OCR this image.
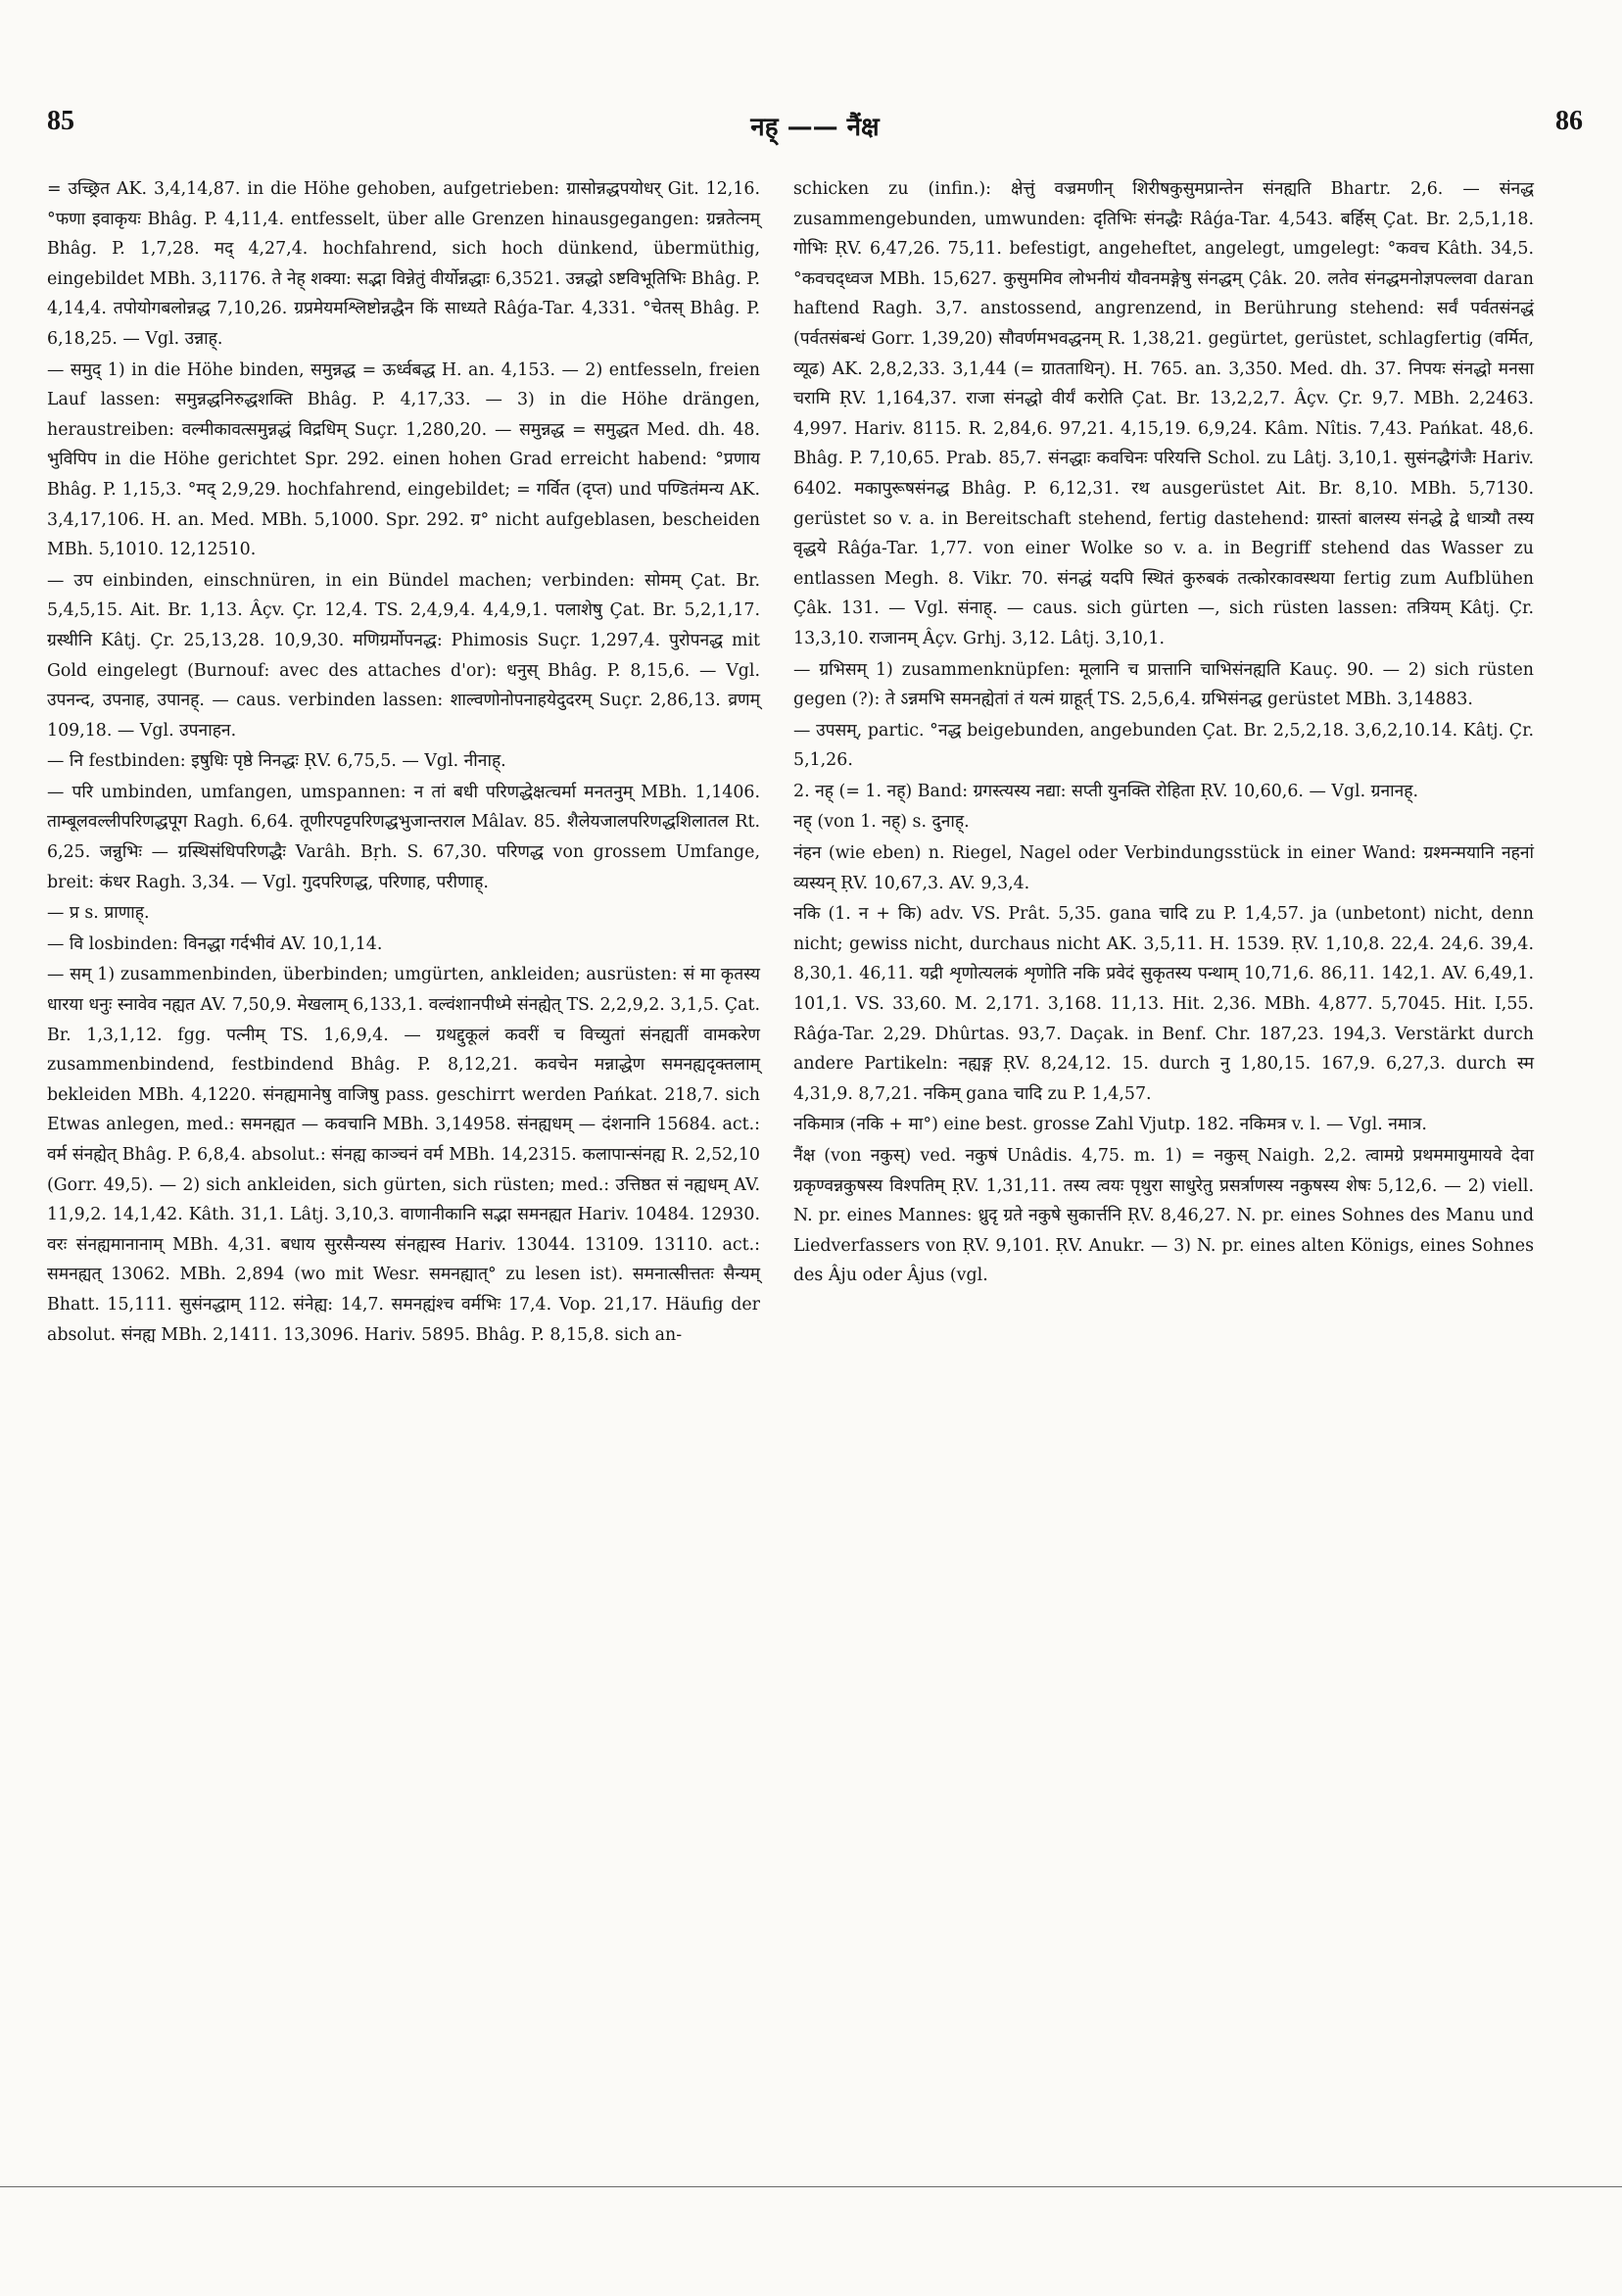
85	नह् —— नैंक्ष	86

= उच्छ्रित AK. 3,4,14,87. in die Höhe gehoben, aufgetrieben: ग्रासोन्नद्धपयोधर् Git. 12,16. °फणा इवाकृयः Bhâg. P. 4,11,4. entfesselt, über alle Grenzen hinausgegangen: ग्रन्नतेत्नम् Bhâg. P. 1,7,28. मद् 4,27,4. hochfahrend, sich hoch dünkend, übermüthig, eingebildet MBh. 3,1176. ते नेह् शक्या: सद्भा विन्नेतुं वीर्योन्नद्धाः 6,3521. उन्नद्धो ऽष्टविभूतिभिः Bhâg. P. 4,14,4. तपोयोगबलोन्नद्ध 7,10,26. ग्रप्रमेयमश्लिष्टोन्नद्धैन किं साध्यते Râǵa-Tar. 4,331. °चेतस् Bhâg. P. 6,18,25. — Vgl. उन्नाह्.

— समुद् 1) in die Höhe binden, समुन्नद्ध = ऊर्ध्वबद्ध H. an. 4,153. — 2) entfesseln, freien Lauf lassen: समुन्नद्धनिरुद्धशक्ति Bhâg. P. 4,17,33. — 3) in die Höhe drängen, heraustreiben: वल्मीकावत्समुन्नद्धं विद्रधिम् Suçr. 1,280,20. — समुन्नद्ध = समुद्धत Med. dh. 48. भुविपिप in die Höhe gerichtet Spr. 292. einen hohen Grad erreicht habend: °प्रणाय Bhâg. P. 1,15,3. °मद् 2,9,29. hochfahrend, eingebildet; = गर्वित (दृप्त) und पण्डितंमन्य AK. 3,4,17,106. H. an. Med. MBh. 5,1000. Spr. 292. ग्र° nicht aufgeblasen, bescheiden MBh. 5,1010. 12,12510.

— उप einbinden, einschnüren, in ein Bündel machen; verbinden: सोमम् Çat. Br. 5,4,5,15. Ait. Br. 1,13. Âçv. Çr. 12,4. TS. 2,4,9,4. 4,4,9,1. पलाशेषु Çat. Br. 5,2,1,17. ग्रस्थीनि Kâtj. Çr. 25,13,28. 10,9,30. मणिग्रर्मोपनद्ध: Phimosis Suçr. 1,297,4. पुरोपनद्ध mit Gold eingelegt (Burnouf: avec des attaches d'or): धनुस् Bhâg. P. 8,15,6. — Vgl. उपनन्द, उपनाह, उपानह्. — caus. verbinden lassen: शाल्वणोनोपनाहयेदुदरम् Suçr. 2,86,13. व्रणम् 109,18. — Vgl. उपनाहन.

— नि festbinden: इषुधिः पृष्ठे निनद्धः ṚV. 6,75,5. — Vgl. नीनाह्.

— परि umbinden, umfangen, umspannen: न तां बधी परिणद्धेक्षत्चर्मा मनतनुम् MBh. 1,1406. ताम्बूलवल्लीपरिणद्धपूग Ragh. 6,64. तूणीरपट्टपरिणद्धभुजान्तराल Mâlav. 85. शैलेयजालपरिणद्धशिलातल Rt. 6,25. जन्नुभिः — ग्रस्थिसंधिपरिणद्धैः Varâh. Bṛh. S. 67,30. परिणद्ध von grossem Umfange, breit: कंधर Ragh. 3,34. — Vgl. गुदपरिणद्ध, परिणाह, परीणाह्.

— प्र s. प्राणाह्.

— वि losbinden: विनद्धा गर्दभीवं AV. 10,1,14.

— सम् 1) zusammenbinden, überbinden; umgürten, ankleiden; ausrüsten: सं मा कृतस्य धारया धनुः स्नावेव नह्यत AV. 7,50,9. मेखलाम् 6,133,1. वल्वंशानपीध्मे संनह्येत् TS. 2,2,9,2. 3,1,5. Çat. Br. 1,3,1,12. fgg. पत्नीम् TS. 1,6,9,4. — ग्रथद्दुकूलं कवरीं च विच्युतां संनह्यतीं वामकरेण zusammenbindend, festbindend Bhâg. P. 8,12,21. कवचेन मन्नाद्धेण समनह्यदृक्तलाम् bekleiden MBh. 4,1220. संनह्यमानेषु वाजिषु pass. geschirrt werden Pańkat. 218,7. sich Etwas anlegen, med.: समनह्यत — कवचानि MBh. 3,14958. संनह्यधम् — दंशनानि 15684. act.: वर्म संनह्येत् Bhâg. P. 6,8,4. absolut.: संनह्य काञ्चनं वर्म MBh. 14,2315. कलापान्संनह्य R. 2,52,10 (Gorr. 49,5). — 2) sich ankleiden, sich gürten, sich rüsten; med.: उत्तिष्ठत सं नह्यधम् AV. 11,9,2. 14,1,42. Kâth. 31,1. Lâtj. 3,10,3. वाणानीकानि सद्भा समनह्यत Hariv. 10484. 12930. वरः संनह्यमानानाम् MBh. 4,31. बधाय सुरसैन्यस्य संनह्यस्व Hariv. 13044. 13109. 13110. act.: समनह्यत् 13062. MBh. 2,894 (wo mit Wesr. समनह्यात्° zu lesen ist). समनात्सीत्ततः सैन्यम् Bhatt. 15,111. सुसंनद्धाम् 112. संनेह्य: 14,7. समनह्यंश्च वर्मभिः 17,4. Vop. 21,17. Häufig der absolut. संनह्य MBh. 2,1411. 13,3096. Hariv. 5895. Bhâg. P. 8,15,8. sich an-

schicken zu (infin.): क्षेत्तुं वज्रमणीन् शिरीषकुसुमप्रान्तेन संनह्यति Bhartr. 2,6. — संनद्ध zusammengebunden, umwunden: दृतिभिः संनद्धैः Râǵa-Tar. 4,543. बर्हिस् Çat. Br. 2,5,1,18. गोभिः ṚV. 6,47,26. 75,11. befestigt, angeheftet, angelegt, umgelegt: °कवच Kâth. 34,5. °कवचद्ध्वज MBh. 15,627. कुसुममिव लोभनीयं यौवनमङ्गेषु संनद्धम् Çâk. 20. लतेव संनद्धमनोज्ञपल्लवा daran haftend Ragh. 3,7. anstossend, angrenzend, in Berührung stehend: सर्वं पर्वतसंनद्धं (पर्वतसंबन्धं Gorr. 1,39,20) सौवर्णमभवद्धनम् R. 1,38,21. gegürtet, gerüstet, schlagfertig (वर्मित, व्यूढ) AK. 2,8,2,33. 3,1,44 (= ग्रातताथिन्). H. 765. an. 3,350. Med. dh. 37. निपयः संनद्धो मनसा चरामि ṚV. 1,164,37. राजा संनद्धो वीर्यं करोति Çat. Br. 13,2,2,7. Âçv. Çr. 9,7. MBh. 2,2463. 4,997. Hariv. 8115. R. 2,84,6. 97,21. 4,15,19. 6,9,24. Kâm. Nîtis. 7,43. Pańkat. 48,6. Bhâg. P. 7,10,65. Prab. 85,7. संनद्धाः कवचिनः परियत्ति Schol. zu Lâtj. 3,10,1. सुसंनद्धैगंजैः Hariv. 6402. मकापुरूषसंनद्ध Bhâg. P. 6,12,31. रथ ausgerüstet Ait. Br. 8,10. MBh. 5,7130. gerüstet so v. a. in Bereitschaft stehend, fertig dastehend: ग्रास्तां बालस्य संनद्धे द्वे धात्र्यौ तस्य वृद्धये Râǵa-Tar. 1,77. von einer Wolke so v. a. in Begriff stehend das Wasser zu entlassen Megh. 8. Vikr. 70. संनद्धं यदपि स्थितं कुरुबकं तत्कोरकावस्थया fertig zum Aufblühen Çâk. 131. — Vgl. संनाह्. — caus. sich gürten —, sich rüsten lassen: तत्रियम् Kâtj. Çr. 13,3,10. राजानम् Âçv. Grhj. 3,12. Lâtj. 3,10,1.

— ग्रभिसम् 1) zusammenknüpfen: मूलानि च प्रात्तानि चाभिसंनह्यति Kauç. 90. — 2) sich rüsten gegen (?): ते ऽन्नमभि समनह्येतां तं यत्मं ग्राहूर्त् TS. 2,5,6,4. ग्रभिसंनद्ध gerüstet MBh. 3,14883.

— उपसम्, partic. °नद्ध beigebunden, angebunden Çat. Br. 2,5,2,18. 3,6,2,10.14. Kâtj. Çr. 5,1,26.

2. नह् (= 1. नह्) Band: ग्रगस्त्यस्य नद्या: सप्ती युनक्ति रोहिता ṚV. 10,60,6. — Vgl. ग्रनानह्.

नह् (von 1. नह्) s. दुनाह्.

नंहन (wie eben) n. Riegel, Nagel oder Verbindungsstück in einer Wand: ग्रश्मन्मयानि नहनां व्यस्यन् ṚV. 10,67,3. AV. 9,3,4.

नकि (1. न + कि) adv. VS. Prât. 5,35. gana चादि zu P. 1,4,57. ja (unbetont) nicht, denn nicht; gewiss nicht, durchaus nicht AK. 3,5,11. H. 1539. ṚV. 1,10,8. 22,4. 24,6. 39,4. 8,30,1. 46,11. यद्री शृणोत्यलकं शृणोति नकि प्रवेदं सुकृतस्य पन्थाम् 10,71,6. 86,11. 142,1. AV. 6,49,1. 101,1. VS. 33,60. M. 2,171. 3,168. 11,13. Hit. 2,36. MBh. 4,877. 5,7045. Hit. I,55. Râǵa-Tar. 2,29. Dhûrtas. 93,7. Daçak. in Benf. Chr. 187,23. 194,3. Verstärkt durch andere Partikeln: नह्यङ्ग ṚV. 8,24,12. 15. durch नु 1,80,15. 167,9. 6,27,3. durch स्म 4,31,9. 8,7,21. नकिम् gana चादि zu P. 1,4,57.

नकिमात्र (नकि + मा°) eine best. grosse Zahl Vjutp. 182. नकिमत्र v. l. — Vgl. नमात्र.

नैंक्ष (von नकुस्) ved. नकुषं Unâdis. 4,75. m. 1) = नकुस् Naigh. 2,2. त्वामग्रे प्रथममायुमायवे देवा ग्रकृण्वन्नकुषस्य विश्पतिम् ṚV. 1,31,11. तस्य त्वयः पृथुरा साधुरेतु प्रसर्त्राणस्य नकुषस्य शेषः 5,12,6. — 2) viell. N. pr. eines Mannes: ध्रुदृ ग्रते नकुषे सुकार्त्तनि ṚV. 8,46,27. N. pr. eines Sohnes des Manu und Liedverfassers von ṚV. 9,101. ṚV. Anukr. — 3) N. pr. eines alten Königs, eines Sohnes des Âju oder Âjus (vgl.
